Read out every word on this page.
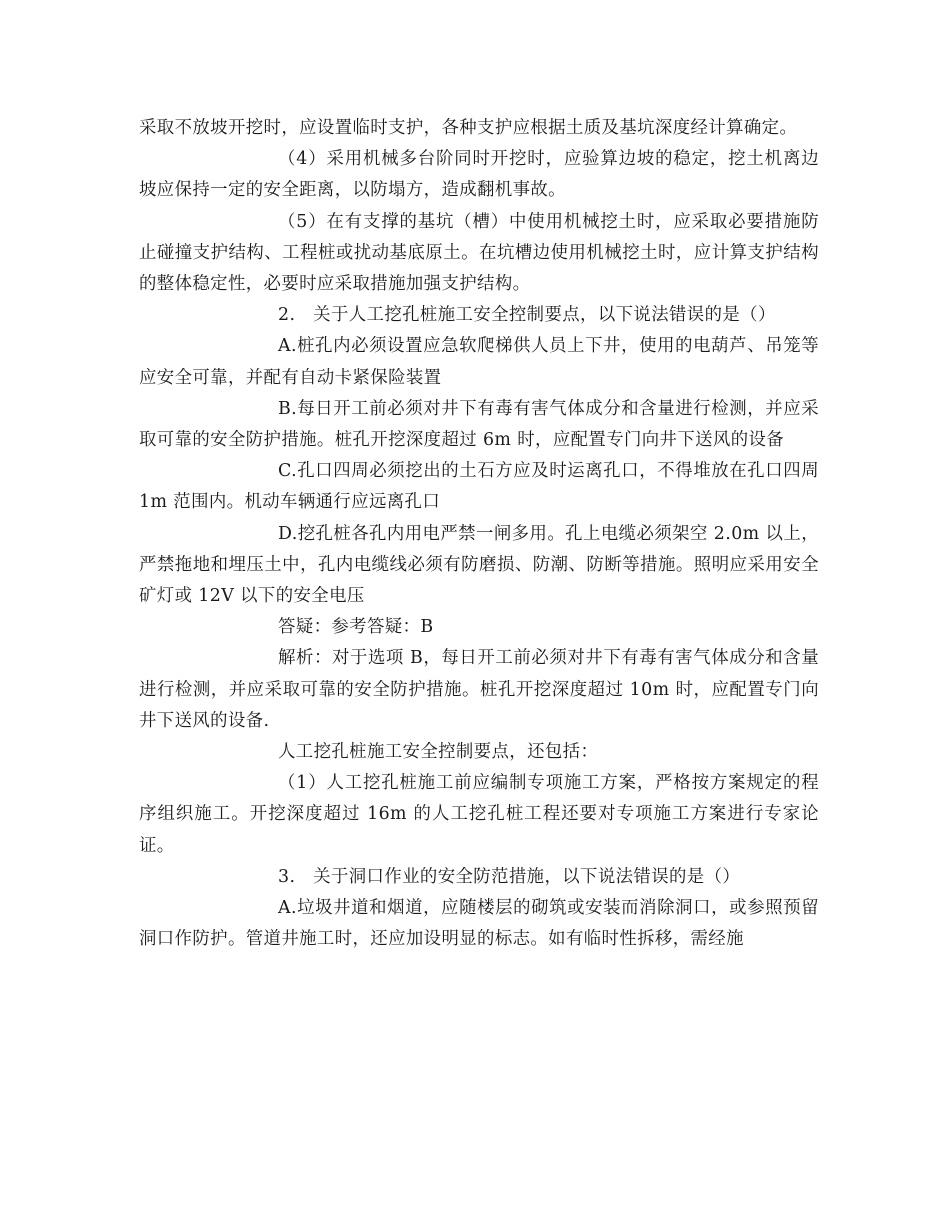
采取不放坡开挖时，应设置临时支护，各种支护应根据土质及基坑深度经计算确定。

（4）采用机械多台阶同时开挖时，应验算边坡的稳定，挖土机离边坡应保持一定的安全距离，以防塌方，造成翻机事故。

（5）在有支撑的基坑（槽）中使用机械挖土时，应采取必要措施防止碰撞支护结构、工程桩或扰动基底原土。在坑槽边使用机械挖土时，应计算支护结构的整体稳定性，必要时应采取措施加强支护结构。

2.　关于人工挖孔桩施工安全控制要点，以下说法错误的是（）

A.桩孔内必须设置应急软爬梯供人员上下井，使用的电葫芦、吊笼等应安全可靠，并配有自动卡紧保险装置

B.每日开工前必须对井下有毒有害气体成分和含量进行检测，并应采取可靠的安全防护措施。桩孔开挖深度超过 6m 时，应配置专门向井下送风的设备

C.孔口四周必须挖出的土石方应及时运离孔口，不得堆放在孔口四周 1m 范围内。机动车辆通行应远离孔口

D.挖孔桩各孔内用电严禁一闸多用。孔上电缆必须架空 2.0m 以上，严禁拖地和埋压土中，孔内电缆线必须有防磨损、防潮、防断等措施。照明应采用安全矿灯或 12V 以下的安全电压

答疑：参考答疑：B

解析：对于选项 B，每日开工前必须对井下有毒有害气体成分和含量进行检测，并应采取可靠的安全防护措施。桩孔开挖深度超过 10m 时，应配置专门向井下送风的设备.

人工挖孔桩施工安全控制要点，还包括：

（1）人工挖孔桩施工前应编制专项施工方案，严格按方案规定的程序组织施工。开挖深度超过 16m 的人工挖孔桩工程还要对专项施工方案进行专家论证。

3.　关于洞口作业的安全防范措施，以下说法错误的是（）

A.垃圾井道和烟道，应随楼层的砌筑或安装而消除洞口，或参照预留洞口作防护。管道井施工时，还应加设明显的标志。如有临时性拆移，需经施
